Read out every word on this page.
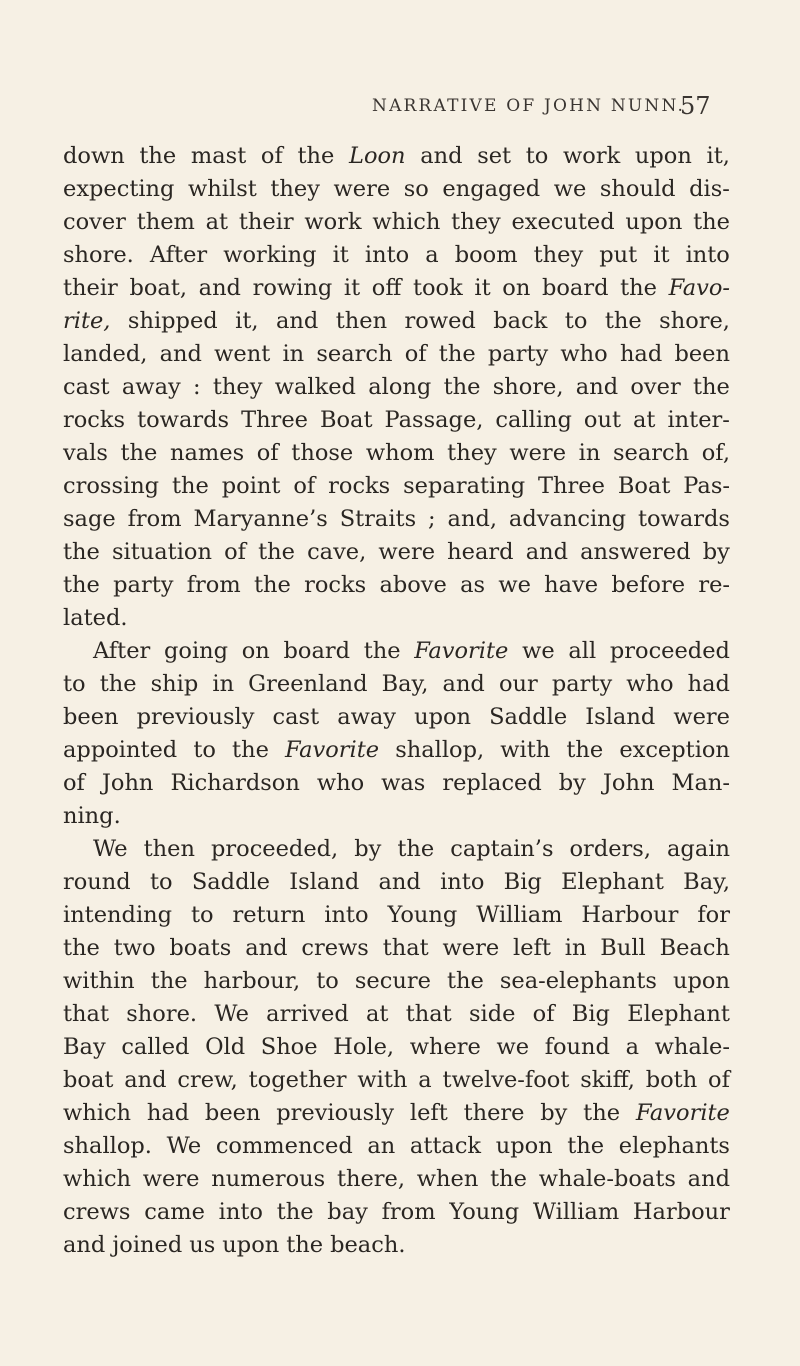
NARRATIVE OF JOHN NUNN.
57
down the mast of the Loon and set to work upon it,
expecting whilst they were so engaged we should dis-
cover them at their work which they executed upon the
shore. After working it into a boom they put it into
their boat, and rowing it off took it on board the Favo-
rite, shipped it, and then rowed back to the shore,
landed, and went in search of the party who had been
cast away : they walked along the shore, and over the
rocks towards Three Boat Passage, calling out at inter-
vals the names of those whom they were in search of,
crossing the point of rocks separating Three Boat Pas-
sage from Maryanne’s Straits ; and, advancing towards
the situation of the cave, were heard and answered by
the party from the rocks above as we have before re-
lated.
After going on board the Favorite we all proceeded
to the ship in Greenland Bay, and our party who had
been previously cast away upon Saddle Island were
appointed to the Favorite shallop, with the exception
of John Richardson who was replaced by John Man-
ning.
We then proceeded, by the captain’s orders, again
round to Saddle Island and into Big Elephant Bay,
intending to return into Young William Harbour for
the two boats and crews that were left in Bull Beach
within the harbour, to secure the sea-elephants upon
that shore. We arrived at that side of Big Elephant
Bay called Old Shoe Hole, where we found a whale-
boat and crew, together with a twelve-foot skiff, both of
which had been previously left there by the Favorite
shallop. We commenced an attack upon the elephants
which were numerous there, when the whale-boats and
crews came into the bay from Young William Harbour
and joined us upon the beach.
